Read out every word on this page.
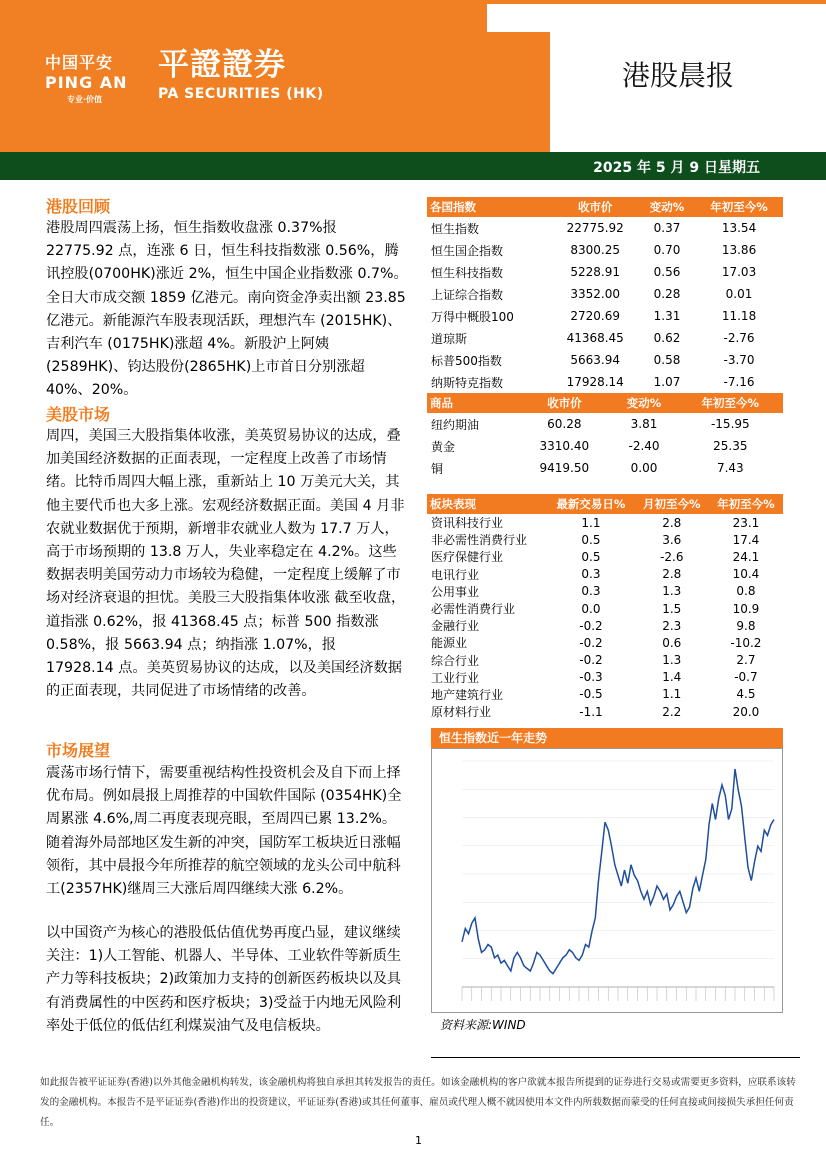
港股晨报
中国平安
PING AN
专业·价值
平證證券
PA SECURITIES (HK)
2025 年 5 月 9 日星期五
港股回顾
港股周四震荡上扬，恒生指数收盘涨 0.37%报 22775.92 点，连涨 6 日，恒生科技指数涨 0.56%，腾讯控股(0700HK)涨近 2%，恒生中国企业指数涨 0.7%。全日大市成交额 1859 亿港元。南向资金净卖出额 23.85 亿港元。新能源汽车股表现活跃，理想汽车 (2015HK)、吉利汽车 (0175HK)涨超 4%。新股沪上阿姨(2589HK)、钧达股份(2865HK)上市首日分别涨超 40%、20%。
美股市场
周四，美国三大股指集体收涨，美英贸易协议的达成，叠加美国经济数据的正面表现，一定程度上改善了市场情绪。比特币周四大幅上涨，重新站上 10 万美元大关，其他主要代币也大多上涨。宏观经济数据正面。美国 4 月非农就业数据优于预期，新增非农就业人数为 17.7 万人，高于市场预期的 13.8 万人，失业率稳定在 4.2%。这些数据表明美国劳动力市场较为稳健，一定程度上缓解了市场对经济衰退的担忧。美股三大股指集体收涨 截至收盘，道指涨 0.62%，报 41368.45 点；标普 500 指数涨 0.58%，报 5663.94 点；纳指涨 1.07%，报 17928.14 点。美英贸易协议的达成，以及美国经济数据的正面表现，共同促进了市场情绪的改善。
市场展望
震荡市场行情下，需要重视结构性投资机会及自下而上择优布局。例如晨报上周推荐的中国软件国际 (0354HK)全周累涨 4.6%,周二再度表现亮眼，至周四已累 13.2%。随着海外局部地区发生新的冲突，国防军工板块近日涨幅领衔，其中晨报今年所推荐的航空领域的龙头公司中航科工(2357HK)继周三大涨后周四继续大涨 6.2%。
以中国资产为核心的港股低估值优势再度凸显，建议继续关注：1)人工智能、机器人、半导体、工业软件等新质生产力等科技板块；2)政策加力支持的创新医药板块以及具有消费属性的中医药和医疗板块；3)受益于内地无风险利率处于低位的低估红利煤炭油气及电信板块。
各国指数	收市价	变动%	年初至今%
恒生指数	22775.92	0.37	13.54
恒生国企指数	8300.25	0.70	13.86
恒生科技指数	5228.91	0.56	17.03
上证综合指数	3352.00	0.28	0.01
万得中概股100	2720.69	1.31	11.18
道琼斯	41368.45	0.62	-2.76
标普500指数	5663.94	0.58	-3.70
纳斯特克指数	17928.14	1.07	-7.16
商品	收市价	变动%	年初至今%
纽约期油	60.28	3.81	-15.95
黄金	3310.40	-2.40	25.35
铜	9419.50	0.00	7.43
板块表现	最新交易日%	月初至今%	年初至今%
资讯科技行业	1.1	2.8	23.1
非必需性消费行业	0.5	3.6	17.4
医疗保健行业	0.5	-2.6	24.1
电讯行业	0.3	2.8	10.4
公用事业	0.3	1.3	0.8
必需性消费行业	0.0	1.5	10.9
金融行业	-0.2	2.3	9.8
能源业	-0.2	0.6	-10.2
综合行业	-0.2	1.3	2.7
工业行业	-0.3	1.4	-0.7
地产建筑行业	-0.5	1.1	4.5
原材料行业	-1.1	2.2	20.0
恒生指数近一年走势
资料来源:WIND
如此报告被平证证券(香港)以外其他金融机构转发，该金融机构将独自承担其转发报告的责任。如该金融机构的客户欲就本报告所提到的证券进行交易或需要更多资料，应联系该转发的金融机构。本报告不是平证证券(香港)作出的投资建议，平证证券(香港)或其任何董事、雇员或代理人概不就因使用本文件内所载数据而蒙受的任何直接或间接损失承担任何责任。
1
